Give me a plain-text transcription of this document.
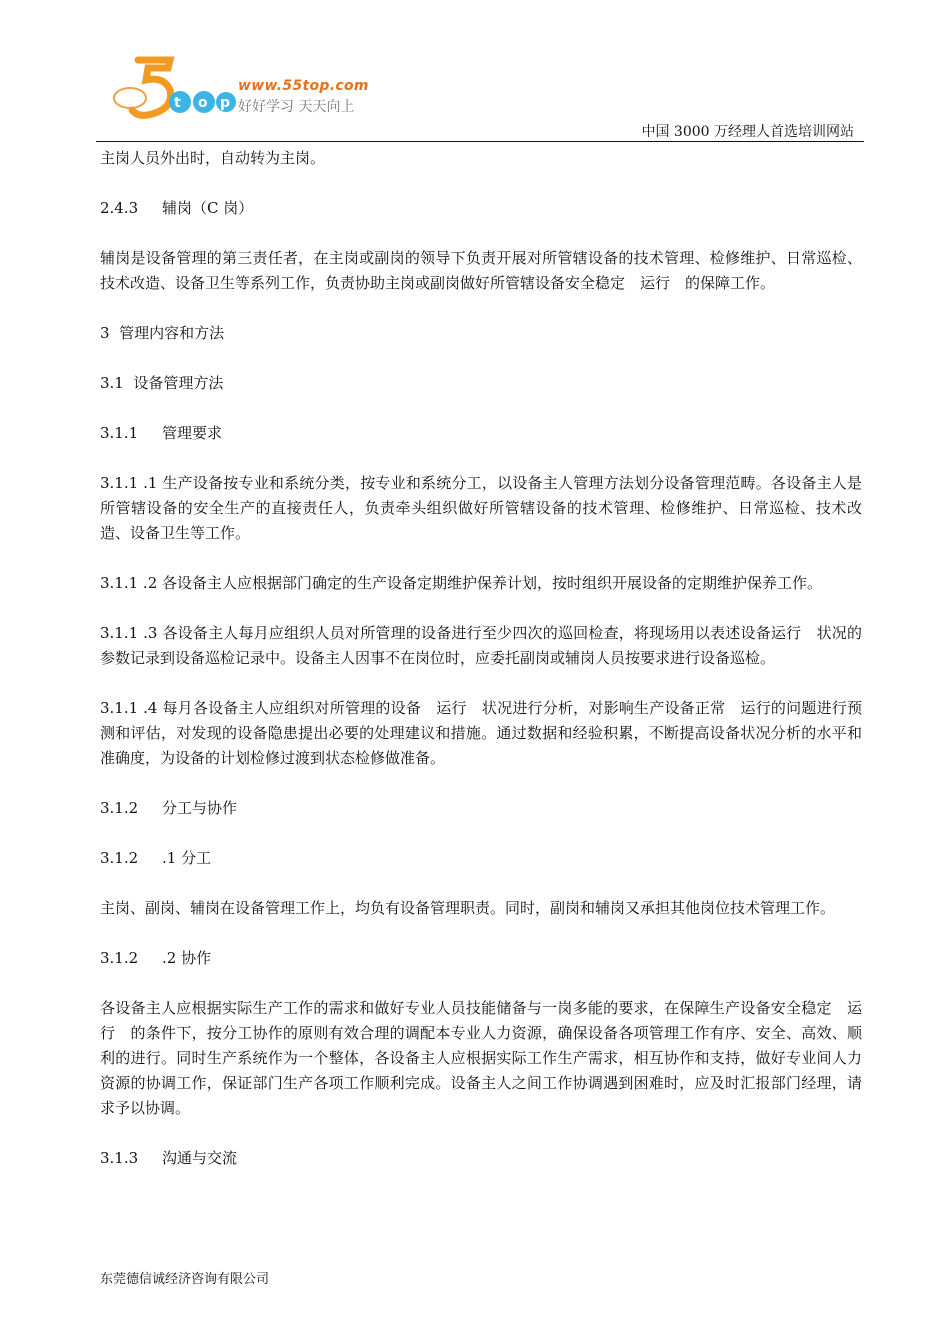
t o p
www.55top.com
好好学习 天天向上
中国 3000 万经理人首选培训网站

主岗人员外出时，自动转为主岗。

2.4.3     辅岗（C 岗）

辅岗是设备管理的第三责任者，在主岗或副岗的领导下负责开展对所管辖设备的技术管理、检修维护、日常巡检、技术改造、设备卫生等系列工作，负责协助主岗或副岗做好所管辖设备安全稳定　运行　的保障工作。

3  管理内容和方法

3.1  设备管理方法

3.1.1     管理要求

3.1.1 .1 生产设备按专业和系统分类，按专业和系统分工，以设备主人管理方法划分设备管理范畴。各设备主人是所管辖设备的安全生产的直接责任人，负责牵头组织做好所管辖设备的技术管理、检修维护、日常巡检、技术改造、设备卫生等工作。

3.1.1 .2 各设备主人应根据部门确定的生产设备定期维护保养计划，按时组织开展设备的定期维护保养工作。

3.1.1 .3 各设备主人每月应组织人员对所管理的设备进行至少四次的巡回检查，将现场用以表述设备运行　状况的参数记录到设备巡检记录中。设备主人因事不在岗位时，应委托副岗或辅岗人员按要求进行设备巡检。

3.1.1 .4 每月各设备主人应组织对所管理的设备　运行　状况进行分析，对影响生产设备正常　运行的问题进行预测和评估，对发现的设备隐患提出必要的处理建议和措施。通过数据和经验积累，不断提高设备状况分析的水平和准确度，为设备的计划检修过渡到状态检修做准备。

3.1.2     分工与协作

3.1.2     .1 分工

主岗、副岗、辅岗在设备管理工作上，均负有设备管理职责。同时，副岗和辅岗又承担其他岗位技术管理工作。

3.1.2     .2 协作

各设备主人应根据实际生产工作的需求和做好专业人员技能储备与一岗多能的要求，在保障生产设备安全稳定　运行　的条件下，按分工协作的原则有效合理的调配本专业人力资源，确保设备各项管理工作有序、安全、高效、顺利的进行。同时生产系统作为一个整体，各设备主人应根据实际工作生产需求，相互协作和支持，做好专业间人力资源的协调工作，保证部门生产各项工作顺利完成。设备主人之间工作协调遇到困难时，应及时汇报部门经理，请求予以协调。

3.1.3     沟通与交流

东莞德信诚经济咨询有限公司
